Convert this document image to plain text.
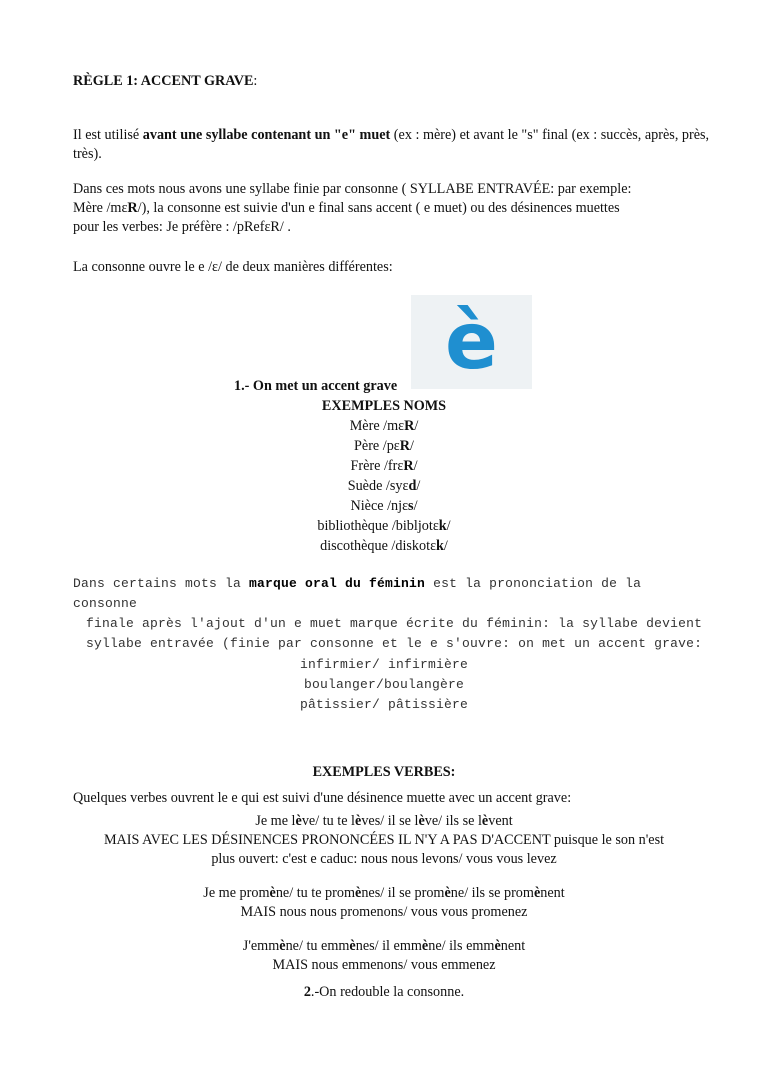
RÈGLE 1: ACCENT GRAVE:

Il est utilisé avant une syllabe contenant un "e" muet (ex : mère) et avant le "s" final (ex : succès, après, près, très).

Dans ces mots nous avons une syllabe finie par consonne ( SYLLABE ENTRAVÉE: par exemple:
Mère /mɛR/), la consonne est suivie d'un e final sans accent ( e muet) ou des désinences muettes
pour les verbes: Je préfère : /pRefɛR/ .

La consonne ouvre le e /ɛ/ de deux manières différentes:

è
1.- On met un accent grave
EXEMPLES NOMS
Mère /mɛR/
Père /pɛR/
Frère /frɛR/
Suède /syɛd/
Nièce /njɛs/
bibliothèque /bibljotɛk/
discothèque /diskotɛk/
Dans certains mots la marque oral du féminin est la prononciation de la consonne
finale après l'ajout d'un e muet marque écrite du féminin: la syllabe devient
syllabe entravée (finie par consonne et le e s'ouvre: on met un accent grave:
infirmier/ infirmière
boulanger/boulangère
pâtissier/ pâtissière
EXEMPLES VERBES:

Quelques verbes ouvrent le e qui est suivi d'une désinence muette avec un accent grave:

Je me lève/ tu te lèves/ il se lève/ ils se lèvent
MAIS AVEC LES DÉSINENCES PRONONCÉES IL N'Y A PAS D'ACCENT puisque le son n'est
plus ouvert: c'est e caduc: nous nous levons/ vous vous levez
Je me promène/ tu te promènes/ il se promène/ ils se promènent
MAIS nous nous promenons/ vous vous promenez
J'emmène/ tu emmènes/ il emmène/ ils emmènent
MAIS nous emmenons/ vous emmenez
2.-On redouble la consonne.
